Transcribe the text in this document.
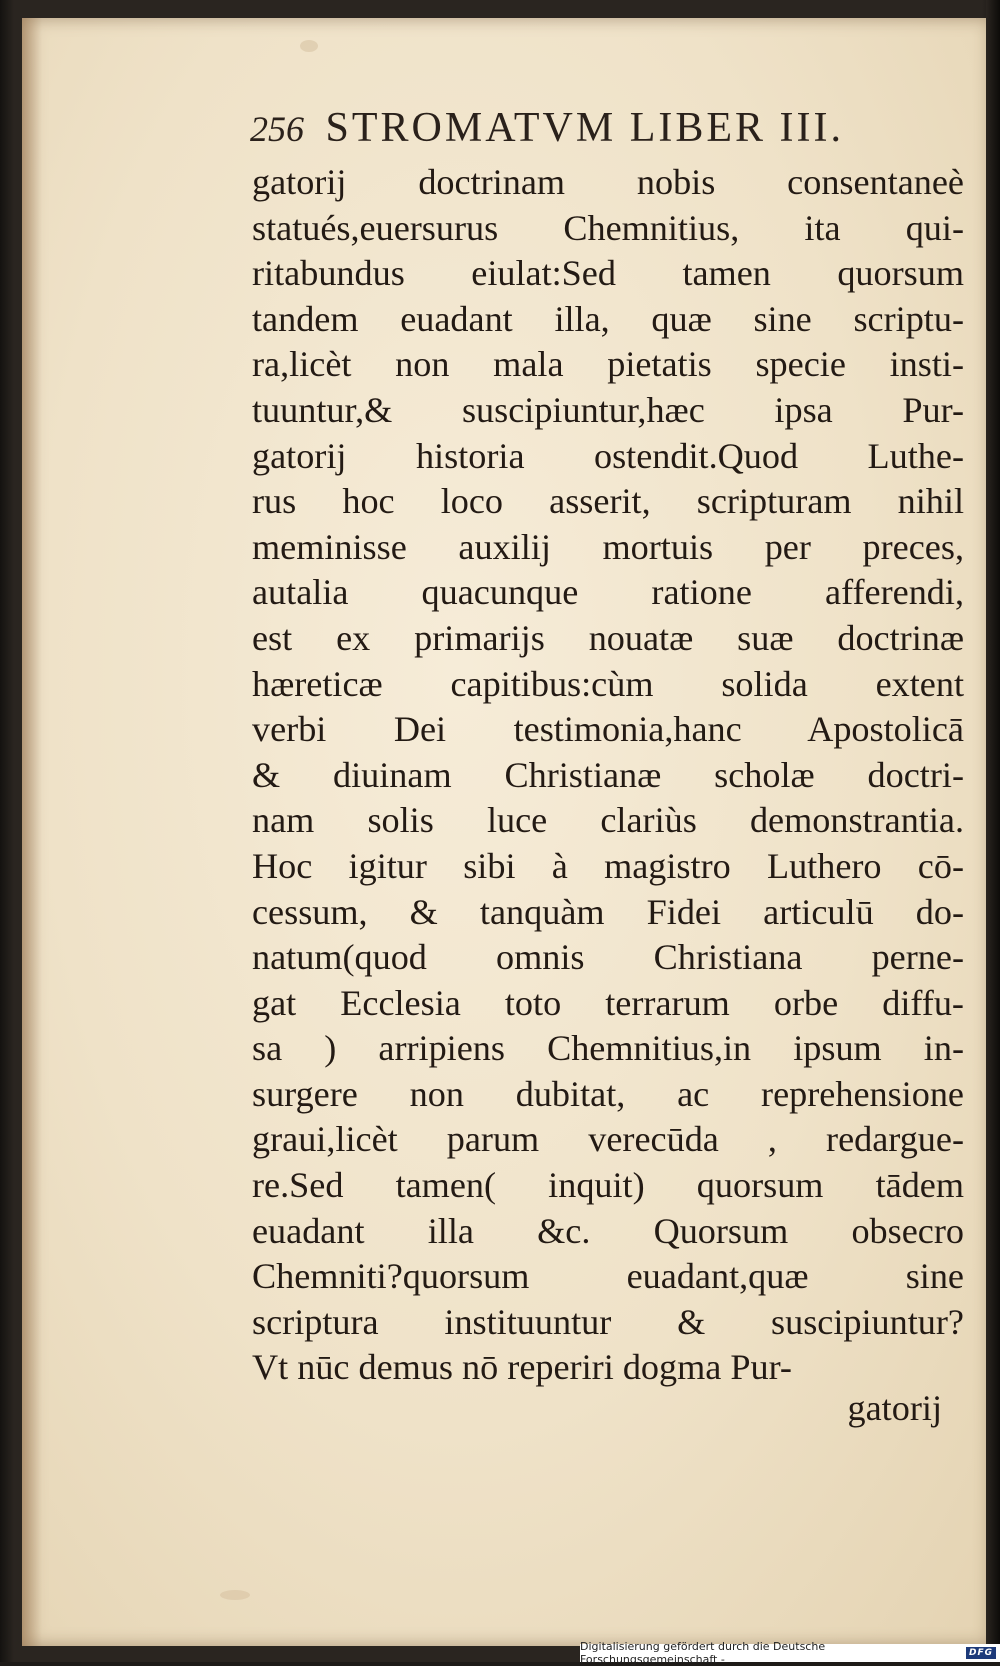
256 STROMATVM LIBER III.
gatorij doctrinam nobis consentaneè
statués,euersurus Chemnitius, ita qui-
ritabundus eiulat:Sed tamen quorsum
tandem euadant illa, quæ sine scriptu-
ra,licèt non mala pietatis specie insti-
tuuntur,& suscipiuntur,hæc ipsa Pur-
gatorij historia ostendit.Quod Luthe-
rus hoc loco asserit, scripturam nihil
meminisse auxilij mortuis per preces,
autalia quacunque ratione afferendi,
est ex primarijs nouatæ suæ doctrinæ
hæreticæ capitibus:cùm solida extent
verbi Dei testimonia,hanc Apostolicā
& diuinam Christianæ scholæ doctri-
nam solis luce clariùs demonstrantia.
Hoc igitur sibi à magistro Luthero cō-
cessum, & tanquàm Fidei articulū do-
natum(quod omnis Christiana perne-
gat Ecclesia toto terrarum orbe diffu-
sa ) arripiens Chemnitius,in ipsum in-
surgere non dubitat, ac reprehensione
graui,licèt parum verecūda , redargue-
re.Sed tamen( inquit) quorsum tādem
euadant illa &c. Quorsum obsecro
Chemniti?quorsum euadant,quæ sine
scriptura instituuntur & suscipiuntur?
Vt nūc demus nō reperiri dogma Pur-
gatorij
Digitalisierung gefördert durch die Deutsche Forschungsgemeinschaft -	DFG
